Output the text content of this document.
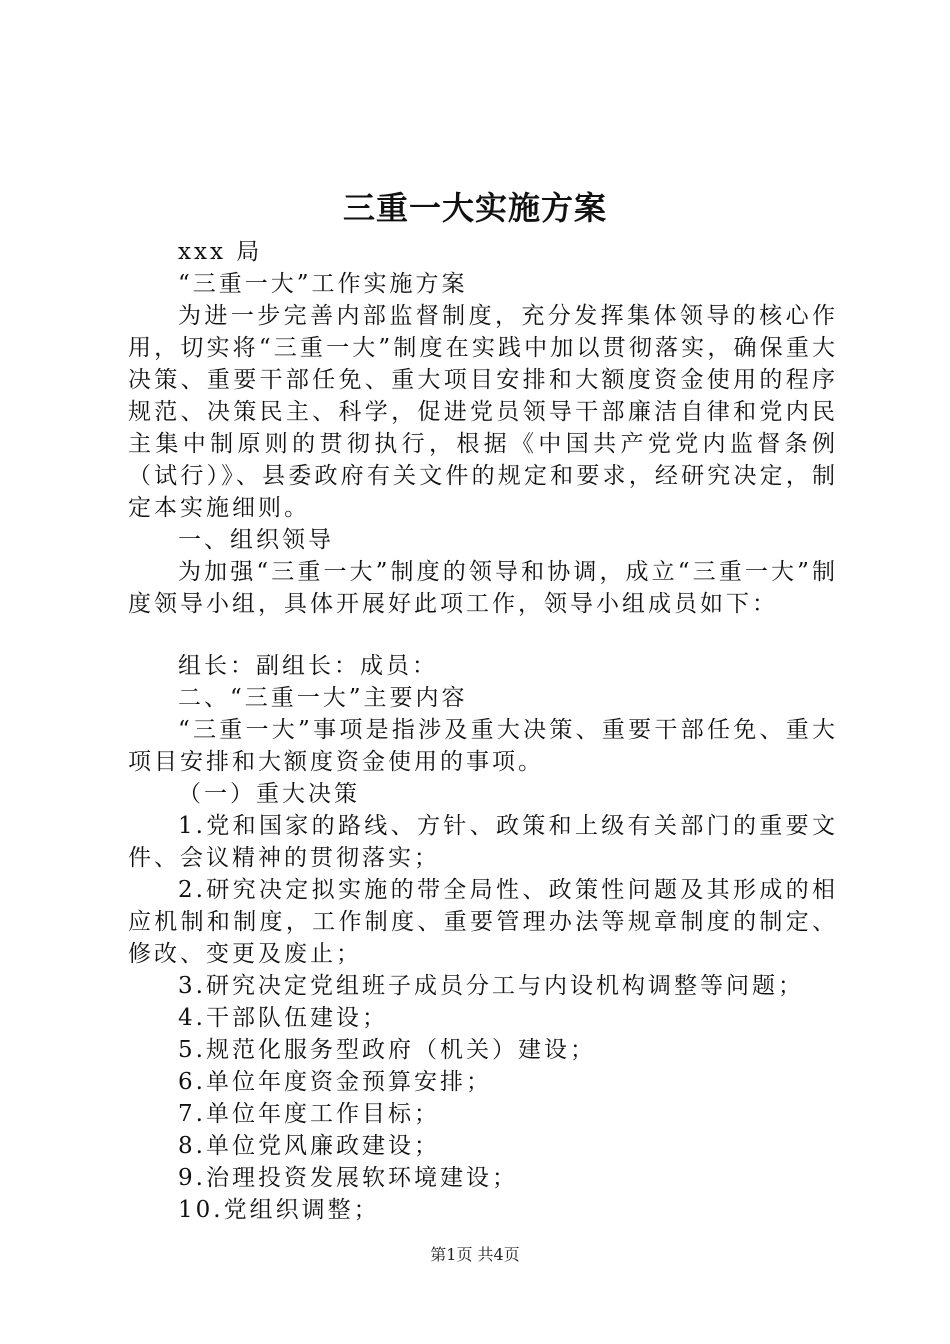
三重一大实施方案

xxx 局

“三重一大”工作实施方案

为进一步完善内部监督制度，充分发挥集体领导的核心作用，切实将“三重一大”制度在实践中加以贯彻落实，确保重大决策、重要干部任免、重大项目安排和大额度资金使用的程序规范、决策民主、科学，促进党员领导干部廉洁自律和党内民主集中制原则的贯彻执行，根据《中国共产党党内监督条例（试行）》、县委政府有关文件的规定和要求，经研究决定，制定本实施细则。

一、组织领导

为加强“三重一大”制度的领导和协调，成立“三重一大”制度领导小组，具体开展好此项工作，领导小组成员如下：

组长：副组长：成员：

二、“三重一大”主要内容

“三重一大”事项是指涉及重大决策、重要干部任免、重大项目安排和大额度资金使用的事项。

（一）重大决策

1.党和国家的路线、方针、政策和上级有关部门的重要文件、会议精神的贯彻落实；

2.研究决定拟实施的带全局性、政策性问题及其形成的相应机制和制度，工作制度、重要管理办法等规章制度的制定、修改、变更及废止；

3.研究决定党组班子成员分工与内设机构调整等问题；

4.干部队伍建设；

5.规范化服务型政府（机关）建设；

6.单位年度资金预算安排；

7.单位年度工作目标；

8.单位党风廉政建设；

9.治理投资发展软环境建设；

10.党组织调整；

第1页 共4页
